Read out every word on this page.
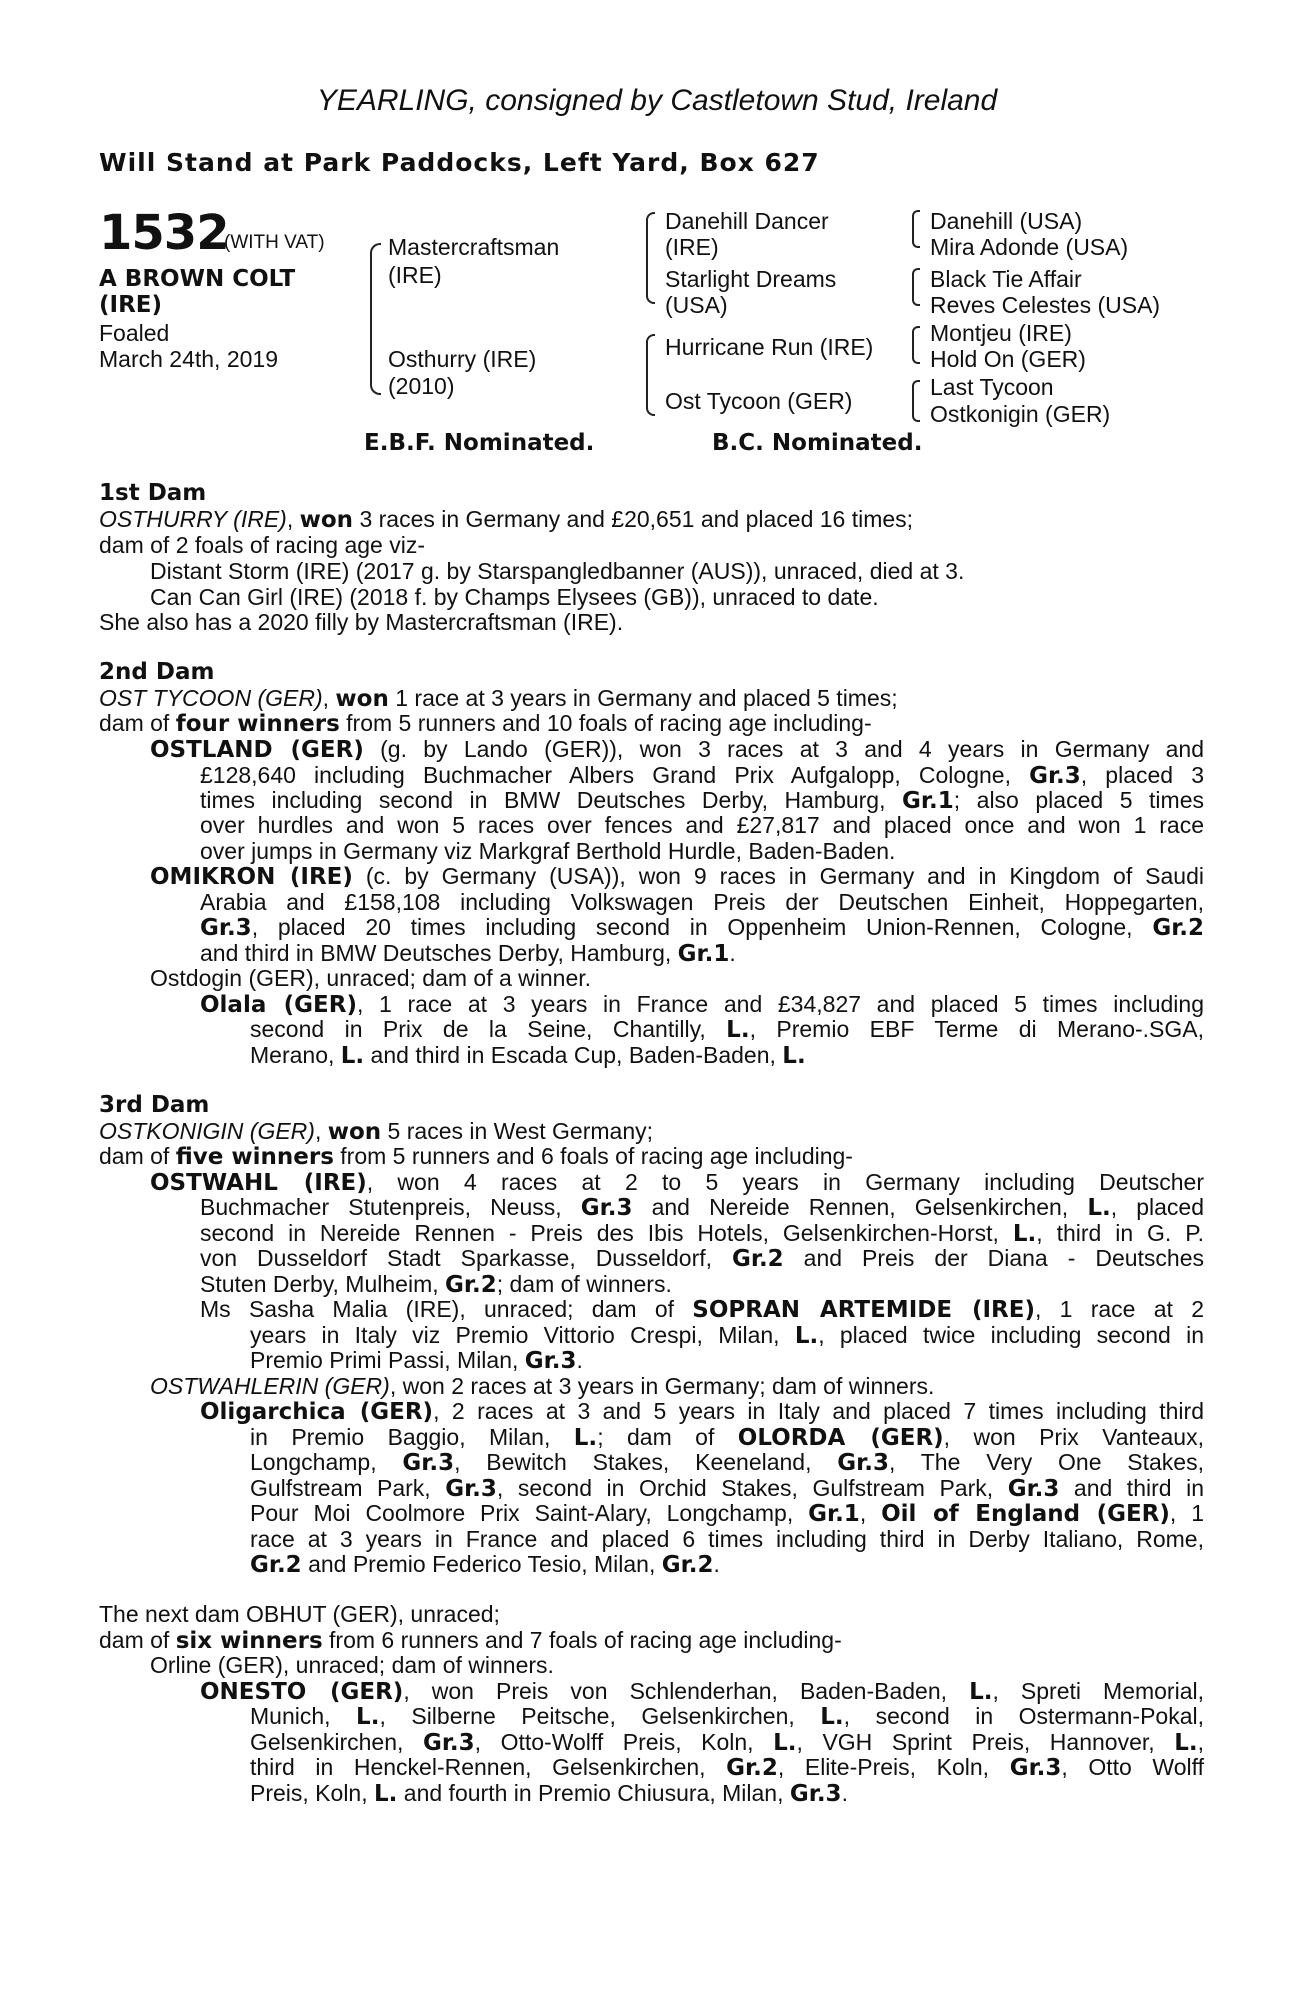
YEARLING, consigned by Castletown Stud, Ireland
Will Stand at Park Paddocks, Left Yard, Box 627
1532
(WITH VAT)
A BROWN COLT
(IRE)
Foaled
March 24th, 2019
Mastercraftsman
(IRE)
Osthurry (IRE)
(2010)
Danehill Dancer
(IRE)
Starlight Dreams
(USA)
Hurricane Run (IRE)
Ost Tycoon (GER)
Danehill (USA)
Mira Adonde (USA)
Black Tie Affair
Reves Celestes (USA)
Montjeu (IRE)
Hold On (GER)
Last Tycoon
Ostkonigin (GER)
E.B.F. Nominated.	B.C. Nominated.
1st Dam
OSTHURRY (IRE), won 3 races in Germany and £20,651 and placed 16 times;
dam of 2 foals of racing age viz-
Distant Storm (IRE) (2017 g. by Starspangledbanner (AUS)), unraced, died at 3.
Can Can Girl (IRE) (2018 f. by Champs Elysees (GB)), unraced to date.
She also has a 2020 filly by Mastercraftsman (IRE).
2nd Dam
OST TYCOON (GER), won 1 race at 3 years in Germany and placed 5 times;
dam of four winners from 5 runners and 10 foals of racing age including-
OSTLAND (GER) (g. by Lando (GER)), won 3 races at 3 and 4 years in Germany and
£128,640 including Buchmacher Albers Grand Prix Aufgalopp, Cologne, Gr.3, placed 3
times including second in BMW Deutsches Derby, Hamburg, Gr.1; also placed 5 times
over hurdles and won 5 races over fences and £27,817 and placed once and won 1 race
over jumps in Germany viz Markgraf Berthold Hurdle, Baden-Baden.
OMIKRON (IRE) (c. by Germany (USA)), won 9 races in Germany and in Kingdom of Saudi
Arabia and £158,108 including Volkswagen Preis der Deutschen Einheit, Hoppegarten,
Gr.3, placed 20 times including second in Oppenheim Union-Rennen, Cologne, Gr.2
and third in BMW Deutsches Derby, Hamburg, Gr.1.
Ostdogin (GER), unraced; dam of a winner.
Olala (GER), 1 race at 3 years in France and £34,827 and placed 5 times including
second in Prix de la Seine, Chantilly, L., Premio EBF Terme di Merano-.SGA,
Merano, L. and third in Escada Cup, Baden-Baden, L.
3rd Dam
OSTKONIGIN (GER), won 5 races in West Germany;
dam of five winners from 5 runners and 6 foals of racing age including-
OSTWAHL (IRE), won 4 races at 2 to 5 years in Germany including Deutscher
Buchmacher Stutenpreis, Neuss, Gr.3 and Nereide Rennen, Gelsenkirchen, L., placed
second in Nereide Rennen - Preis des Ibis Hotels, Gelsenkirchen-Horst, L., third in G. P.
von Dusseldorf Stadt Sparkasse, Dusseldorf, Gr.2 and Preis der Diana - Deutsches
Stuten Derby, Mulheim, Gr.2; dam of winners.
Ms Sasha Malia (IRE), unraced; dam of SOPRAN ARTEMIDE (IRE), 1 race at 2
years in Italy viz Premio Vittorio Crespi, Milan, L., placed twice including second in
Premio Primi Passi, Milan, Gr.3.
OSTWAHLERIN (GER), won 2 races at 3 years in Germany; dam of winners.
Oligarchica (GER), 2 races at 3 and 5 years in Italy and placed 7 times including third
in Premio Baggio, Milan, L.; dam of OLORDA (GER), won Prix Vanteaux,
Longchamp, Gr.3, Bewitch Stakes, Keeneland, Gr.3, The Very One Stakes,
Gulfstream Park, Gr.3, second in Orchid Stakes, Gulfstream Park, Gr.3 and third in
Pour Moi Coolmore Prix Saint-Alary, Longchamp, Gr.1, Oil of England (GER), 1
race at 3 years in France and placed 6 times including third in Derby Italiano, Rome,
Gr.2 and Premio Federico Tesio, Milan, Gr.2.
The next dam OBHUT (GER), unraced;
dam of six winners from 6 runners and 7 foals of racing age including-
Orline (GER), unraced; dam of winners.
ONESTO (GER), won Preis von Schlenderhan, Baden-Baden, L., Spreti Memorial,
Munich, L., Silberne Peitsche, Gelsenkirchen, L., second in Ostermann-Pokal,
Gelsenkirchen, Gr.3, Otto-Wolff Preis, Koln, L., VGH Sprint Preis, Hannover, L.,
third in Henckel-Rennen, Gelsenkirchen, Gr.2, Elite-Preis, Koln, Gr.3, Otto Wolff
Preis, Koln, L. and fourth in Premio Chiusura, Milan, Gr.3.
